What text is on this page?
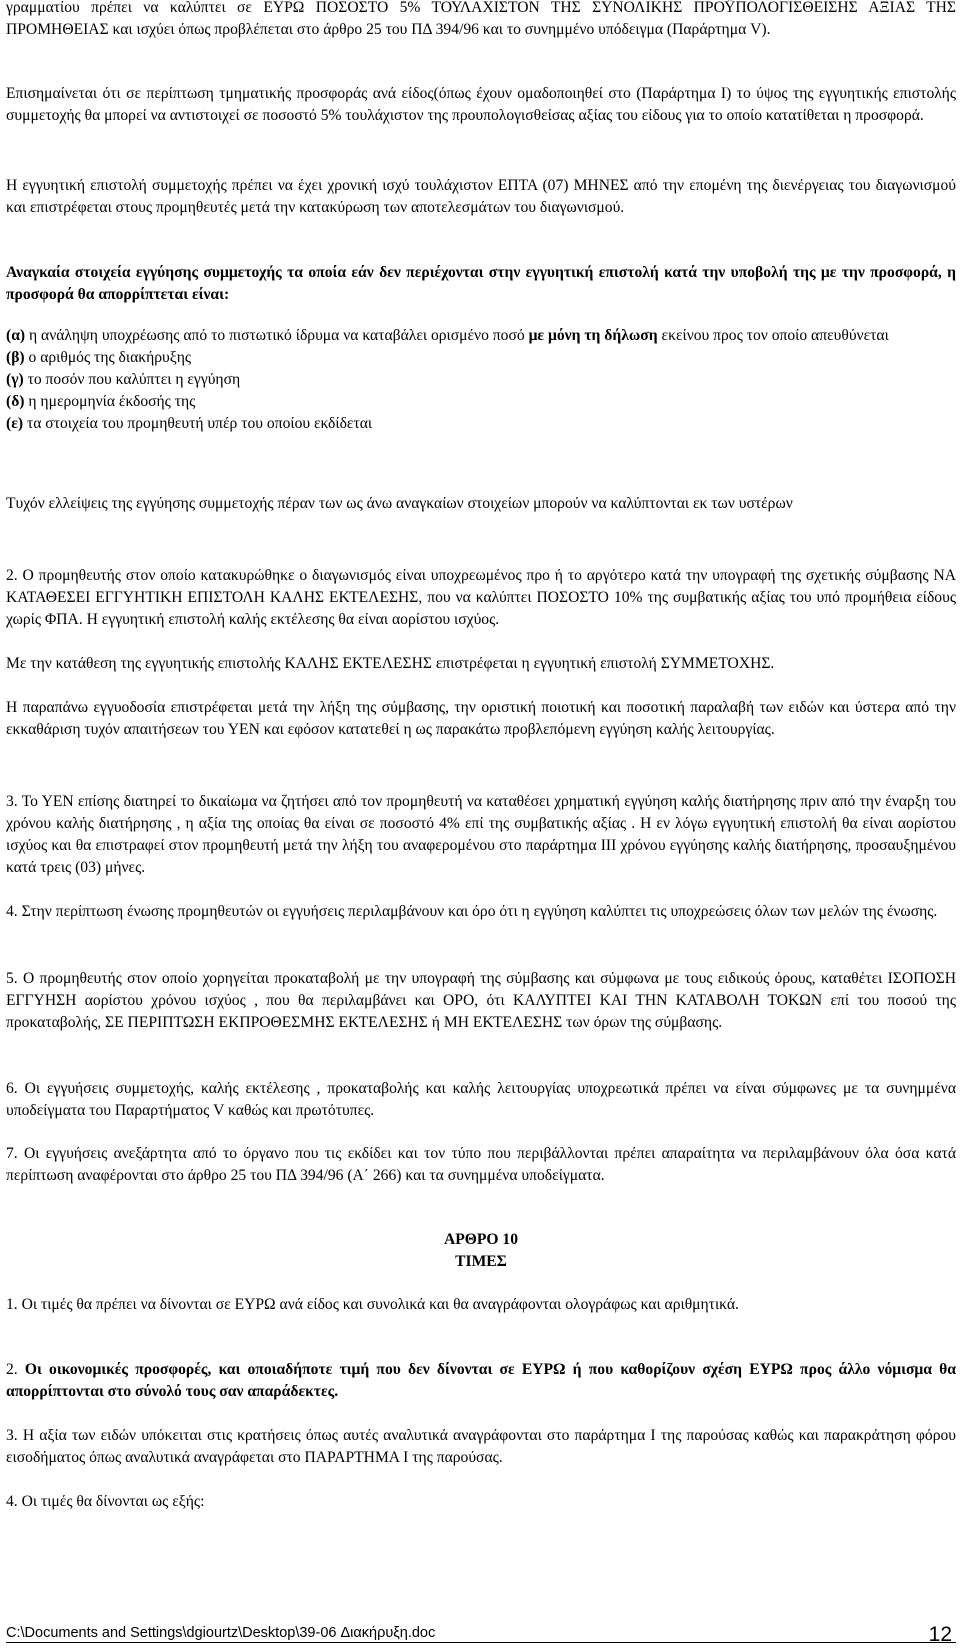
γραμματίου πρέπει να καλύπτει σε ΕΥΡΩ ΠΟΣΟΣΤΟ 5% ΤΟΥΛΑΧΙΣΤΟΝ ΤΗΣ ΣΥΝΟΛΙΚΗΣ ΠΡΟΫΠΟΛΟΓΙΣΘΕΙΣΗΣ ΑΞΙΑΣ ΤΗΣ ΠΡΟΜΗΘΕΙΑΣ και ισχύει όπως προβλέπεται στο άρθρο 25 του ΠΔ 394/96 και το συνημμένο υπόδειγμα (Παράρτημα V).

Επισημαίνεται ότι σε περίπτωση τμηματικής προσφοράς ανά είδος(όπως έχουν ομαδοποιηθεί στο (Παράρτημα Ι) το ύψος της εγγυητικής επιστολής συμμετοχής θα μπορεί να αντιστοιχεί σε ποσοστό 5% τουλάχιστον της προυπολογισθείσας αξίας του είδους για το οποίο κατατίθεται η προσφορά.

Η εγγυητική επιστολή συμμετοχής πρέπει να έχει χρονική ισχύ τουλάχιστον ΕΠΤΑ (07) ΜΗΝΕΣ από την επομένη της διενέργειας του διαγωνισμού και επιστρέφεται στους προμηθευτές μετά την κατακύρωση των αποτελεσμάτων του διαγωνισμού.

Αναγκαία στοιχεία εγγύησης συμμετοχής τα οποία εάν δεν περιέχονται στην εγγυητική επιστολή κατά την υποβολή της με την προσφορά, η προσφορά θα απορρίπτεται είναι:

(α) η ανάληψη υποχρέωσης από το πιστωτικό ίδρυμα να καταβάλει ορισμένο ποσό με μόνη τη δήλωση εκείνου προς τον οποίο απευθύνεται

(β) ο αριθμός της διακήρυξης

(γ) το ποσόν που καλύπτει η εγγύηση

(δ) η ημερομηνία έκδοσής της

(ε) τα στοιχεία του προμηθευτή υπέρ του οποίου εκδίδεται

Τυχόν ελλείψεις της εγγύησης συμμετοχής πέραν των ως άνω αναγκαίων στοιχείων μπορούν να καλύπτονται εκ των υστέρων

2. Ο προμηθευτής στον οποίο κατακυρώθηκε ο διαγωνισμός είναι υποχρεωμένος προ ή το αργότερο κατά την υπογραφή της σχετικής σύμβασης ΝΑ ΚΑΤΑΘΕΣΕΙ ΕΓΓΥΗΤΙΚΗ ΕΠΙΣΤΟΛΗ ΚΑΛΗΣ ΕΚΤΕΛΕΣΗΣ, που να καλύπτει ΠΟΣΟΣΤΟ 10% της συμβατικής αξίας του υπό προμήθεια είδους χωρίς ΦΠΑ. Η εγγυητική επιστολή καλής εκτέλεσης θα είναι αορίστου ισχύος.

Με την κατάθεση της εγγυητικής επιστολής ΚΑΛΗΣ ΕΚΤΕΛΕΣΗΣ επιστρέφεται η εγγυητική επιστολή ΣΥΜΜΕΤΟΧΗΣ.

Η παραπάνω εγγυοδοσία επιστρέφεται μετά την λήξη της σύμβασης, την οριστική ποιοτική και ποσοτική παραλαβή των ειδών και ύστερα από την εκκαθάριση τυχόν απαιτήσεων του ΥΕΝ και εφόσον κατατεθεί η ως παρακάτω προβλεπόμενη εγγύηση καλής λειτουργίας.

3. Το ΥΕΝ επίσης διατηρεί το δικαίωμα να ζητήσει από τον προμηθευτή να καταθέσει χρηματική εγγύηση καλής διατήρησης πριν από την έναρξη του χρόνου καλής διατήρησης , η αξία της οποίας θα είναι σε ποσοστό 4% επί της συμβατικής αξίας . Η εν λόγω εγγυητική επιστολή θα είναι αορίστου ισχύος και θα επιστραφεί στον προμηθευτή μετά την λήξη του αναφερομένου στο παράρτημα ΙΙΙ χρόνου εγγύησης καλής διατήρησης, προσαυξημένου κατά τρεις (03) μήνες.

4. Στην περίπτωση ένωσης προμηθευτών οι εγγυήσεις περιλαμβάνουν και όρο ότι η εγγύηση καλύπτει τις υποχρεώσεις όλων των μελών της ένωσης.

5. Ο προμηθευτής στον οποίο χορηγείται προκαταβολή με την υπογραφή της σύμβασης και σύμφωνα με τους ειδικούς όρους, καταθέτει ΙΣΟΠΟΣΗ ΕΓΓΥΗΣΗ αορίστου χρόνου ισχύος , που θα περιλαμβάνει και ΟΡΟ, ότι ΚΑΛΥΠΤΕΙ ΚΑΙ ΤΗΝ ΚΑΤΑΒΟΛΗ ΤΟΚΩΝ επί του ποσού της προκαταβολής, ΣΕ ΠΕΡΙΠΤΩΣΗ ΕΚΠΡΟΘΕΣΜΗΣ ΕΚΤΕΛΕΣΗΣ ή ΜΗ ΕΚΤΕΛΕΣΗΣ των όρων της σύμβασης.

6. Οι εγγυήσεις συμμετοχής, καλής εκτέλεσης , προκαταβολής και καλής λειτουργίας υποχρεωτικά πρέπει να είναι σύμφωνες με τα συνημμένα υποδείγματα του Παραρτήματος V καθώς και πρωτότυπες.

7. Οι εγγυήσεις ανεξάρτητα από το όργανο που τις εκδίδει και τον τύπο που περιβάλλονται πρέπει απαραίτητα να περιλαμβάνουν όλα όσα κατά περίπτωση αναφέρονται στο άρθρο 25 του ΠΔ 394/96 (Α΄ 266) και τα συνημμένα υποδείγματα.

ΑΡΘΡΟ 10

ΤΙΜΕΣ

1. Οι τιμές θα πρέπει να δίνονται σε ΕΥΡΩ ανά είδος και συνολικά και θα αναγράφονται ολογράφως και αριθμητικά.

2. Οι οικονομικές προσφορές, και οποιαδήποτε τιμή που δεν δίνονται σε ΕΥΡΩ ή που καθορίζουν σχέση ΕΥΡΩ προς άλλο νόμισμα θα απορρίπτονται στο σύνολό τους σαν απαράδεκτες.

3. Η αξία των ειδών υπόκειται στις κρατήσεις όπως αυτές αναλυτικά αναγράφονται στο παράρτημα Ι της παρούσας καθώς και παρακράτηση φόρου εισοδήματος όπως αναλυτικά αναγράφεται στο ΠΑΡΑΡΤΗΜΑ Ι της παρούσας.

4. Οι τιμές θα δίνονται ως εξής:

C:\Documents and Settings\dgiourtz\Desktop\39-06 Διακήρυξη.doc	12
